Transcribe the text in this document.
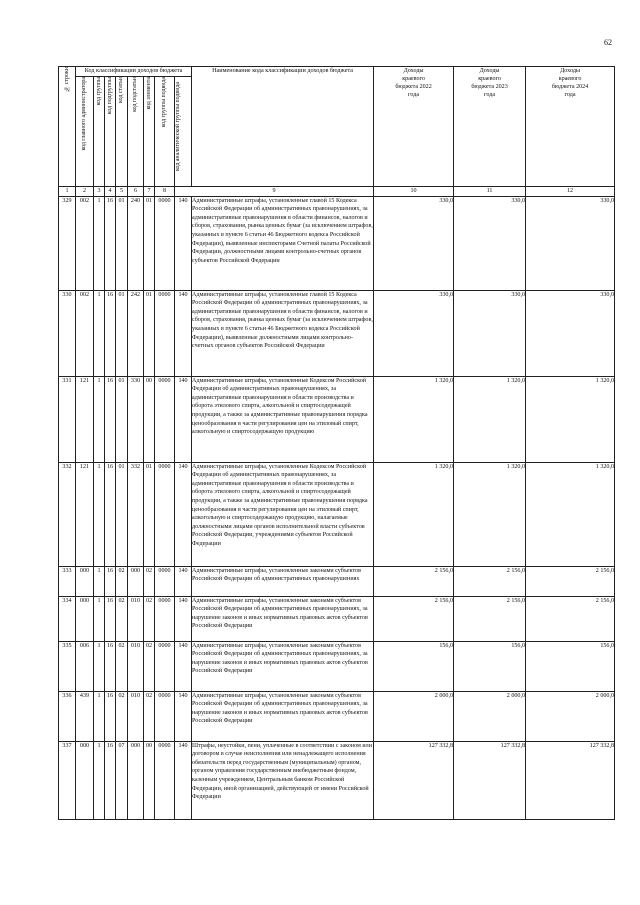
62
№ строки	Код классификации доходов бюджета								Наименование кода классификации доходов бюджета	Доходы краевого бюджета 2022 года	Доходы краевого бюджета 2023 года	Доходы краевого бюджета 2024 года

	код главного администратора	код группы	код подгруппы	код статьи	код подстатьи	код элемента	код группы подвида	код аналитической группы подвида				

1	2	3	4	5	6	7	8	9		10	11	12
329	002	1	16	01	240	01	0000	140	Административные штрафы, установленные главой 15 Кодекса Российской Федерации об административных правонарушениях, за административные правонарушения в области финансов, налогов и сборов, страхования, рынка ценных бумаг (за исключением штрафов, указанных в пункте 6 статьи 46 Бюджетного кодекса Российской Федерации), выявленные инспекторами Счетной палаты Российской Федерации, должностными лицами контрольно-счетных органов субъектов Российской Федерации	330,0	330,0	330,0
330	002	1	16	01	242	01	0000	140	Административные штрафы, установленные главой 15 Кодекса Российской Федерации об административных правонарушениях, за административные правонарушения в области финансов, налогов и сборов, страхования, рынка ценных бумаг (за исключением штрафов, указанных в пункте 6 статьи 46 Бюджетного кодекса Российской Федерации), выявленные должностными лицами контрольно-счетных органов субъектов Российской Федерации	330,0	330,0	330,0
331	121	1	16	01	330	00	0000	140	Административные штрафы, установленные Кодексом Российской Федерации об административных правонарушениях, за административные правонарушения в области производства и оборота этилового спирта, алкогольной и спиртосодержащей продукции, а также за административные правонарушения порядка ценообразования в части регулирования цен на этиловый спирт, алкогольную и спиртосодержащую продукцию	1 320,0	1 320,0	1 320,0
332	121	1	16	01	332	01	0000	140	Административные штрафы, установленные Кодексом Российской Федерации об административных правонарушениях, за административные правонарушения в области производства и оборота этилового спирта, алкогольной и спиртосодержащей продукции, а также за административные правонарушения порядка ценообразования в части регулирования цен на этиловый спирт, алкогольную и спиртосодержащую продукцию, налагаемые должностными лицами органов исполнительной власти субъектов Российской Федерации, учреждениями субъектов Российской Федерации	1 320,0	1 320,0	1 320,0
333	000	1	16	02	000	02	0000	140	Административные штрафы, установленные законами субъектов Российской Федерации об административных правонарушениях	2 156,0	2 156,0	2 156,0
334	000	1	16	02	010	02	0000	140	Административные штрафы, установленные законами субъектов Российской Федерации об административных правонарушениях, за нарушение законов и иных нормативных правовых актов субъектов Российской Федерации	2 156,0	2 156,0	2 156,0
335	006	1	16	02	010	02	0000	140	Административные штрафы, установленные законами субъектов Российской Федерации об административных правонарушениях, за нарушение законов и иных нормативных правовых актов субъектов Российской Федерации	156,0	156,0	156,0
336	439	1	16	02	010	02	0000	140	Административные штрафы, установленные законами субъектов Российской Федерации об административных правонарушениях, за нарушение законов и иных нормативных правовых актов субъектов Российской Федерации	2 000,0	2 000,0	2 000,0
337	000	1	16	07	000	00	0000	140	Штрафы, неустойки, пени, уплаченные в соответствии с законом или договором в случае неисполнения или ненадлежащего исполнения обязательств перед государственным (муниципальным) органом, органом управления государственным внебюджетным фондом, казенным учреждением, Центральным банком Российской Федерации, иной организацией, действующей от имени Российской Федерации	127 332,8	127 332,8	127 332,8
